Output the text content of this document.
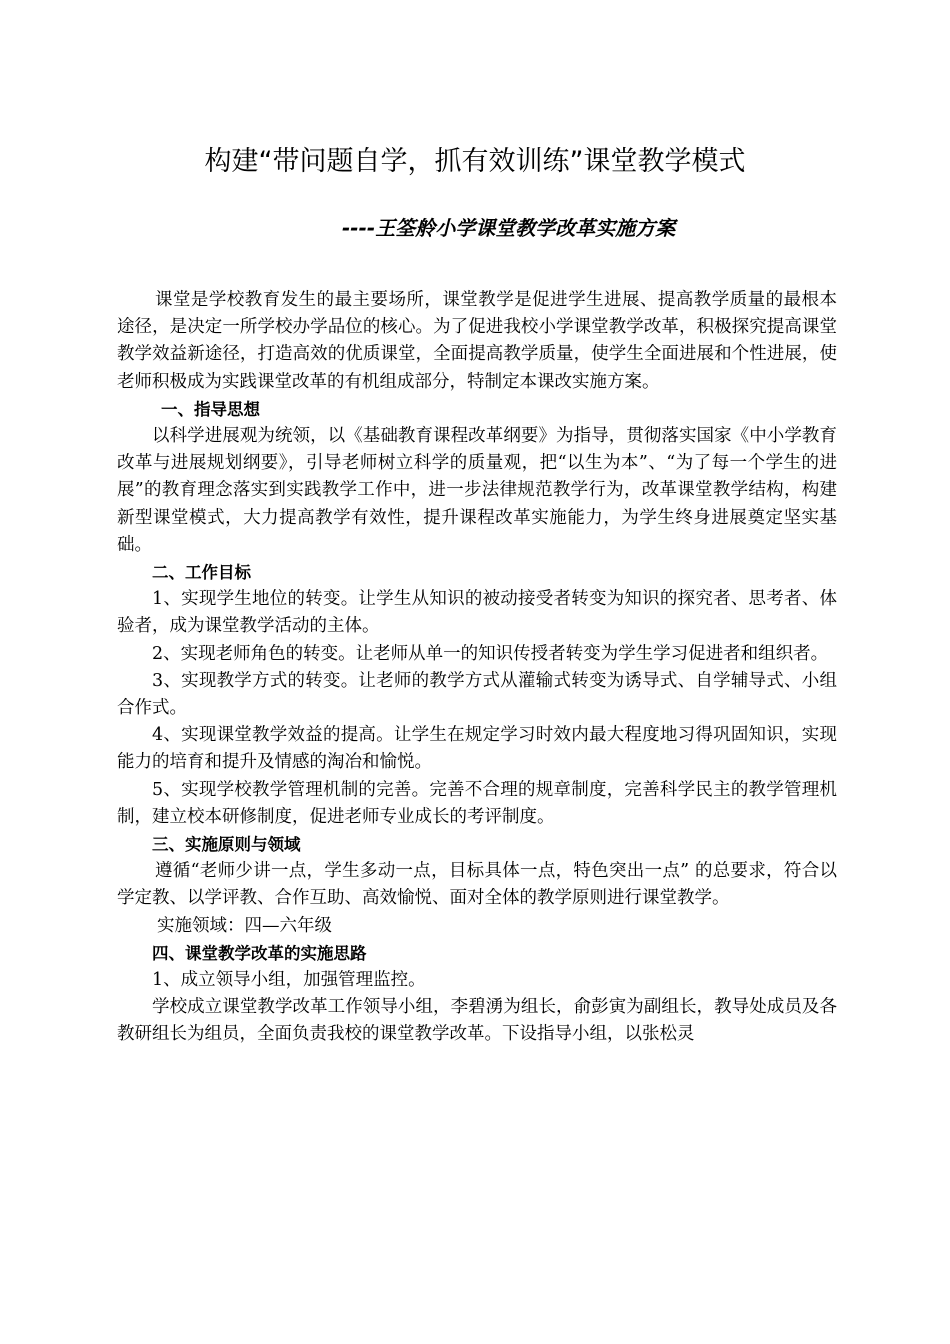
构建“带问题自学，抓有效训练”课堂教学模式
----王筌舲小学课堂教学改革实施方案

课堂是学校教育发生的最主要场所，课堂教学是促进学生进展、提高教学质量的最根本途径，是决定一所学校办学品位的核心。为了促进我校小学课堂教学改革，积极探究提高课堂教学效益新途径，打造高效的优质课堂，全面提高教学质量，使学生全面进展和个性进展，使老师积极成为实践课堂改革的有机组成部分，特制定本课改实施方案。

一、指导思想

以科学进展观为统领，以《基础教育课程改革纲要》为指导，贯彻落实国家《中小学教育改革与进展规划纲要》，引导老师树立科学的质量观，把“以生为本”、“为了每一个学生的进展”的教育理念落实到实践教学工作中，进一步法律规范教学行为，改革课堂教学结构，构建新型课堂模式，大力提高教学有效性，提升课程改革实施能力，为学生终身进展奠定坚实基础。

二、工作目标

1、实现学生地位的转变。让学生从知识的被动接受者转变为知识的探究者、思考者、体验者，成为课堂教学活动的主体。

2、实现老师角色的转变。让老师从单一的知识传授者转变为学生学习促进者和组织者。

3、实现教学方式的转变。让老师的教学方式从灌输式转变为诱导式、自学辅导式、小组合作式。

4、实现课堂教学效益的提高。让学生在规定学习时效内最大程度地习得巩固知识，实现能力的培育和提升及情感的淘冶和愉悦。

5、实现学校教学管理机制的完善。完善不合理的规章制度，完善科学民主的教学管理机制，建立校本研修制度，促进老师专业成长的考评制度。

三、实施原则与领域

遵循“老师少讲一点，学生多动一点，目标具体一点，特色突出一点” 的总要求，符合以学定教、以学评教、合作互助、高效愉悦、面对全体的教学原则进行课堂教学。

实施领域：四—六年级

四、课堂教学改革的实施思路

1、成立领导小组，加强管理监控。

学校成立课堂教学改革工作领导小组，李碧湧为组长，俞彭寅为副组长，教导处成员及各教研组长为组员，全面负责我校的课堂教学改革。下设指导小组，以张松灵
